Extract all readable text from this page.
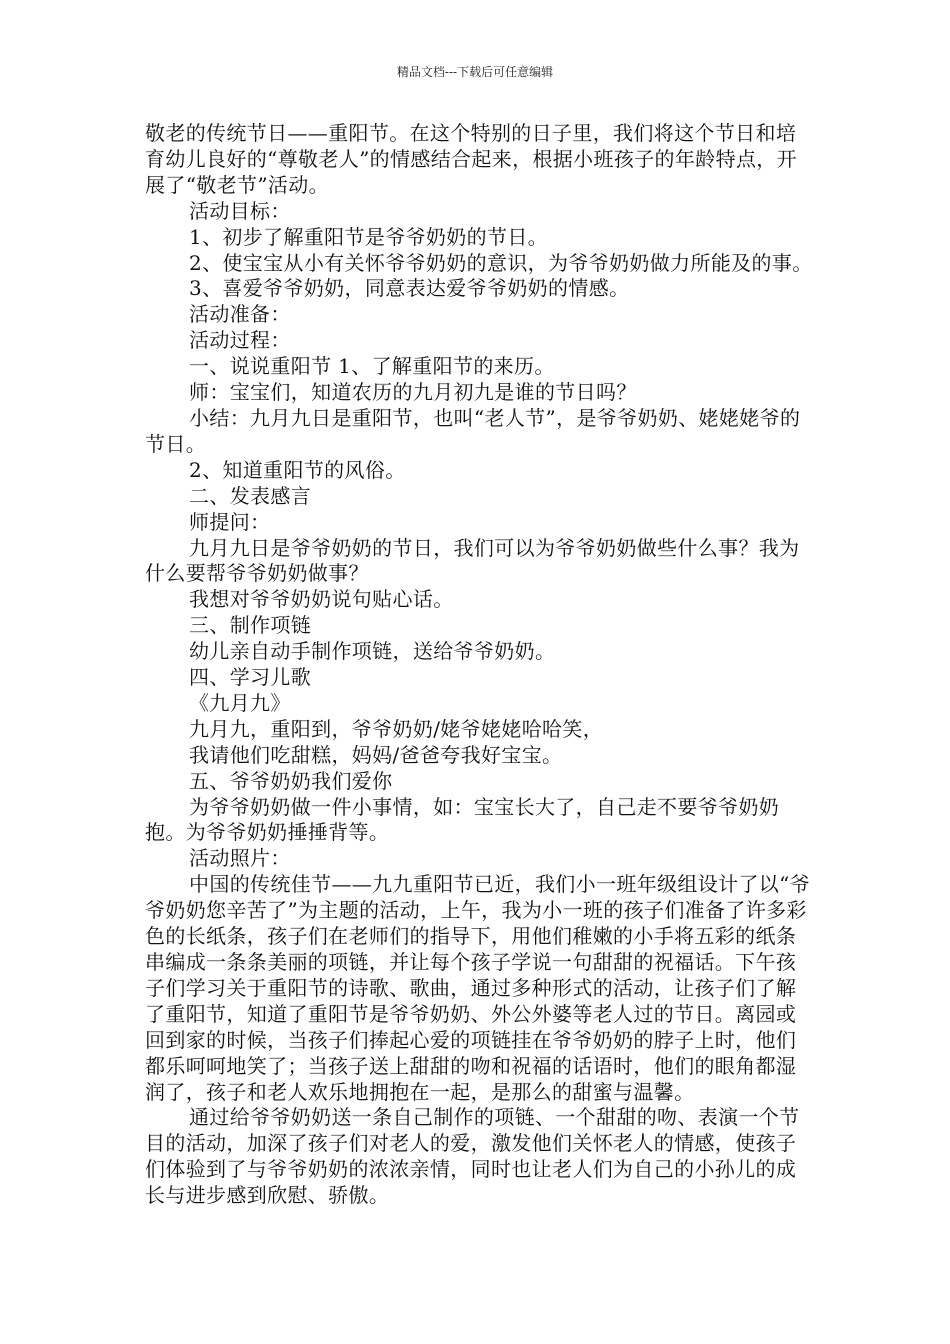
精品文档---下载后可任意编辑

敬老的传统节日——重阳节。在这个特别的日子里，我们将这个节日和培育幼儿良好的“尊敬老人”的情感结合起来，根据小班孩子的年龄特点，开展了“敬老节”活动。

活动目标：

1、初步了解重阳节是爷爷奶奶的节日。

2、使宝宝从小有关怀爷爷奶奶的意识，为爷爷奶奶做力所能及的事。

3、喜爱爷爷奶奶，同意表达爱爷爷奶奶的情感。

活动准备：

活动过程：

一、说说重阳节 1、了解重阳节的来历。

师：宝宝们，知道农历的九月初九是谁的节日吗？

小结：九月九日是重阳节，也叫“老人节”，是爷爷奶奶、姥姥姥爷的节日。

2、知道重阳节的风俗。

二、发表感言

师提问：

九月九日是爷爷奶奶的节日，我们可以为爷爷奶奶做些什么事？我为什么要帮爷爷奶奶做事？

我想对爷爷奶奶说句贴心话。

三、制作项链

幼儿亲自动手制作项链，送给爷爷奶奶。

四、学习儿歌

《九月九》

九月九，重阳到，爷爷奶奶/姥爷姥姥哈哈笑，

我请他们吃甜糕，妈妈/爸爸夸我好宝宝。

五、爷爷奶奶我们爱你

为爷爷奶奶做一件小事情，如：宝宝长大了，自己走不要爷爷奶奶抱。为爷爷奶奶捶捶背等。

活动照片：

中国的传统佳节——九九重阳节已近，我们小一班年级组设计了以“爷爷奶奶您辛苦了”为主题的活动，上午，我为小一班的孩子们准备了许多彩色的长纸条，孩子们在老师们的指导下，用他们稚嫩的小手将五彩的纸条串编成一条条美丽的项链，并让每个孩子学说一句甜甜的祝福话。下午孩子们学习关于重阳节的诗歌、歌曲，通过多种形式的活动，让孩子们了解了重阳节，知道了重阳节是爷爷奶奶、外公外婆等老人过的节日。离园或回到家的时候，当孩子们捧起心爱的项链挂在爷爷奶奶的脖子上时，他们都乐呵呵地笑了；当孩子送上甜甜的吻和祝福的话语时，他们的眼角都湿润了，孩子和老人欢乐地拥抱在一起，是那么的甜蜜与温馨。

通过给爷爷奶奶送一条自己制作的项链、一个甜甜的吻、表演一个节目的活动，加深了孩子们对老人的爱，激发他们关怀老人的情感，使孩子们体验到了与爷爷奶奶的浓浓亲情，同时也让老人们为自己的小孙儿的成长与进步感到欣慰、骄傲。
